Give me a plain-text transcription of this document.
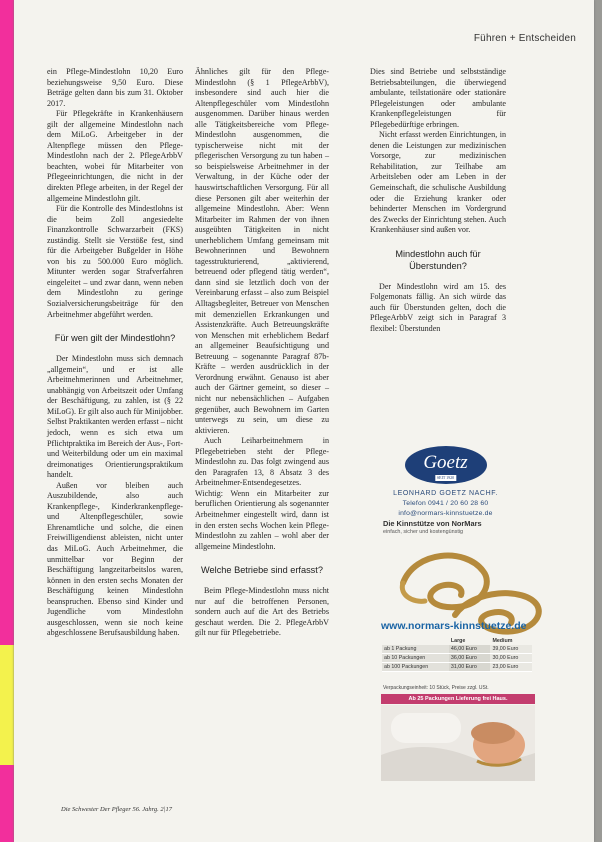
Führen + Entscheiden

ein Pflege-Mindestlohn 10,20 Euro beziehungsweise 9,50 Euro. Diese Beträge gelten dann bis zum 31. Oktober 2017.

Für Pflegekräfte in Krankenhäusern gilt der allgemeine Mindestlohn nach dem MiLoG. Arbeitgeber in der Altenpflege müssen den Pflege-Mindestlohn nach der 2. PflegeArbbV beachten, wobei für Mitarbeiter von Pflegeeinrichtungen, die nicht in der direkten Pflege arbeiten, in der Regel der allgemeine Mindestlohn gilt.

Für die Kontrolle des Mindestlohns ist die beim Zoll angesiedelte Finanzkontrolle Schwarzarbeit (FKS) zuständig. Stellt sie Verstöße fest, sind für die Arbeitgeber Bußgelder in Höhe von bis zu 500.000 Euro möglich. Mitunter werden sogar Strafverfahren eingeleitet – und zwar dann, wenn neben dem Mindestlohn zu geringe Sozialversicherungsbeiträge für den Arbeitnehmer abgeführt werden.

Für wen gilt der Mindestlohn?

Der Mindestlohn muss sich demnach „allgemein“, und er ist alle Arbeitnehmerinnen und Arbeitnehmer, unabhängig von Arbeitszeit oder Umfang der Beschäftigung, zu zahlen, ist (§ 22 MiLoG). Er gilt also auch für Minijobber. Selbst Praktikanten werden erfasst – nicht jedoch, wenn es sich etwa um Pflichtpraktika im Bereich der Aus-, Fort- und Weiterbildung oder um ein maximal dreimonatiges Orientierungspraktikum handelt.

Außen vor bleiben auch Auszubildende, also auch Krankenpflege-, Kinderkrankenpflege- und Altenpflegeschüler, sowie Ehrenamtliche und solche, die einen Freiwilligendienst ableisten, nicht unter das MiLoG. Auch Arbeitnehmer, die unmittelbar vor Beginn der Beschäftigung langzeitarbeitslos waren, können in den ersten sechs Monaten der Beschäftigung keinen Mindestlohn beanspruchen. Ebenso sind Kinder und Jugendliche vom Mindestlohn ausgeschlossen, wenn sie noch keine abgeschlossene Berufsausbildung haben.

Ähnliches gilt für den Pflege-Mindestlohn (§ 1 PflegeArbbV), insbesondere sind auch hier die Altenpflegeschüler vom Mindestlohn ausgenommen. Darüber hinaus werden alle Tätigkeitsbereiche vom Pflege-Mindestlohn ausgenommen, die typischerweise nicht mit der pflegerischen Versorgung zu tun haben – so beispielsweise Arbeitnehmer in der Verwaltung, in der Küche oder der hauswirtschaftlichen Versorgung. Für all diese Personen gilt aber weiterhin der allgemeine Mindestlohn. Aber: Wenn Mitarbeiter im Rahmen der von ihnen ausgeübten Tätigkeiten in nicht unerheblichem Umfang gemeinsam mit Bewohnerinnen und Bewohnern tagesstrukturierend, „aktivierend, betreuend oder pflegend tätig werden“, dann sind sie letztlich doch von der Vereinbarung erfasst – also zum Beispiel Alltagsbegleiter, Betreuer von Menschen mit demenziellen Erkrankungen und Assistenzkräfte. Auch Betreuungskräfte von Menschen mit erheblichem Bedarf an allgemeiner Beaufsichtigung und Betreuung – sogenannte Paragraf 87b-Kräfte – werden ausdrücklich in der Verordnung erwähnt. Genauso ist aber auch der Gärtner gemeint, so dieser – nicht nur nebensächlichen – Aufgaben gegenüber, auch Bewohnern im Garten unterwegs zu sein, um diese zu aktivieren.

Auch Leiharbeitnehmern in Pflegebetrieben steht der Pflege-Mindestlohn zu. Das folgt zwingend aus den Paragrafen 13, 8 Absatz 3 des Arbeitnehmer-Entsendegesetzes. Wichtig: Wenn ein Mitarbeiter zur beruflichen Orientierung als sogenannter Arbeitnehmer eingestellt wird, dann ist in den ersten sechs Wochen kein Pflege-Mindestlohn zu zahlen – wohl aber der allgemeine Mindestlohn.

Welche Betriebe sind erfasst?

Beim Pflege-Mindestlohn muss nicht nur auf die betroffenen Personen, sondern auch auf die Art des Betriebs geschaut werden. Die 2. PflegeArbbV gilt nur für Pflegebetriebe.

Dies sind Betriebe und selbstständige Betriebsabteilungen, die überwiegend ambulante, teilstationäre oder stationäre Pflegeleistungen oder ambulante Krankenpflegeleistungen für Pflegebedürftige erbringen.

Nicht erfasst werden Einrichtungen, in denen die Leistungen zur medizinischen Vorsorge, zur medizinischen Rehabilitation, zur Teilhabe am Arbeitsleben oder am Leben in der Gemeinschaft, die schulische Ausbildung oder die Erziehung kranker oder behinderter Menschen im Vordergrund des Zwecks der Einrichtung stehen. Auch Krankenhäuser sind außen vor.

Mindestlohn auch für Überstunden?

Der Mindestlohn wird am 15. des Folgemonats fällig. An sich würde das auch für Überstunden gelten, doch die PflegeArbbV zeigt sich in Paragraf 3 flexibel: Überstunden

Goetz
SEIT 1920
LEONHARD GOETZ NACHF.
Telefon 0941 / 20 60 28 60
info@normars-kinnstuetze.de
Die Kinnstütze von NorMars
einfach, sicher und kostengünstig
www.normars-kinnstuetze.de
	Large	Medium
ab 1 Packung	46,00 Euro	39,00 Euro
ab 10 Packungen	36,00 Euro	30,00 Euro
ab 100 Packungen	31,00 Euro	23,00 Euro
Verpackungseinheit: 10 Stück, Preise zzgl. USt.
Ab 25 Packungen Lieferung frei Haus.
Die Schwester Der Pfleger 56. Jahrg. 2|17
